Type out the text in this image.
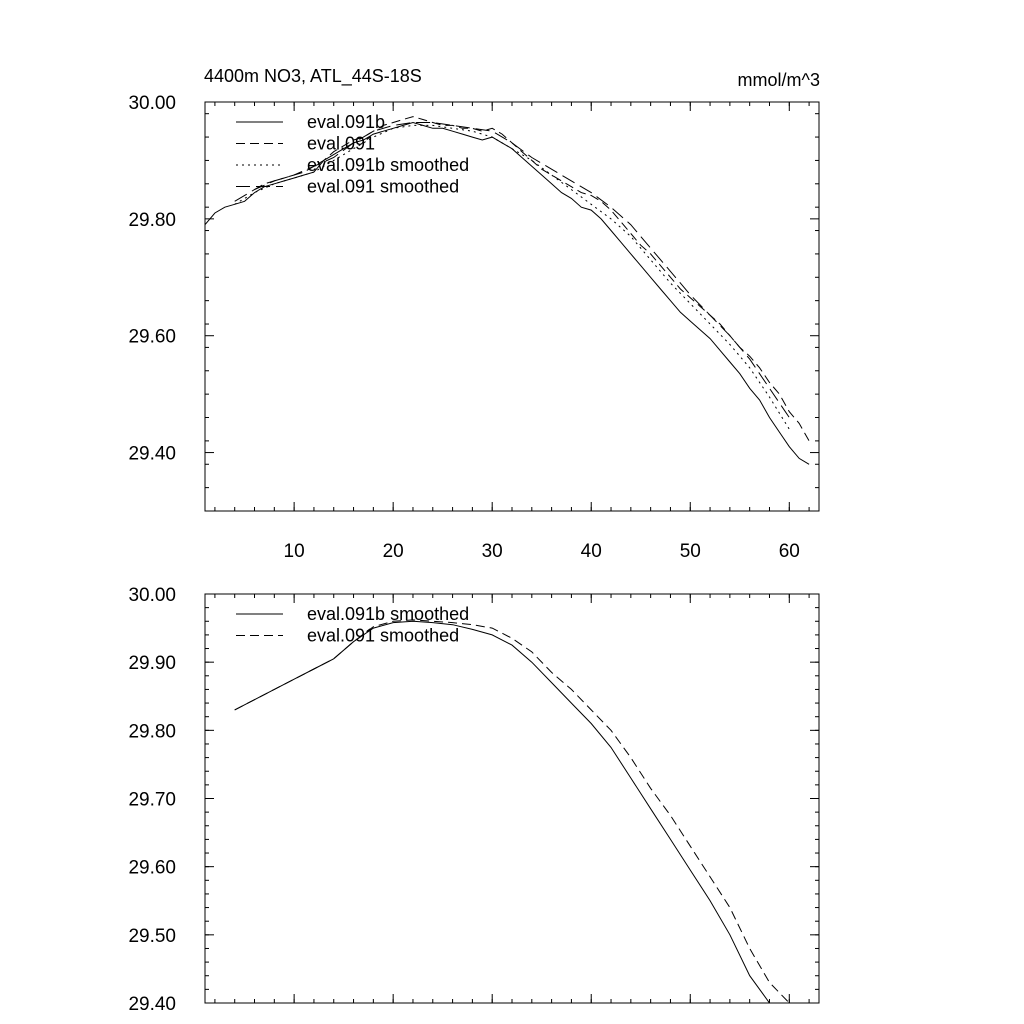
4400m NO3, ATL_44S-18S	mmol/m^3
29.40
29.60
29.80
30.00
10	20	30	40	50	60
eval.091b
eval.091
eval.091b smoothed
eval.091 smoothed
29.40
29.50
29.60
29.70
29.80
29.90
30.00
eval.091b smoothed
eval.091 smoothed
